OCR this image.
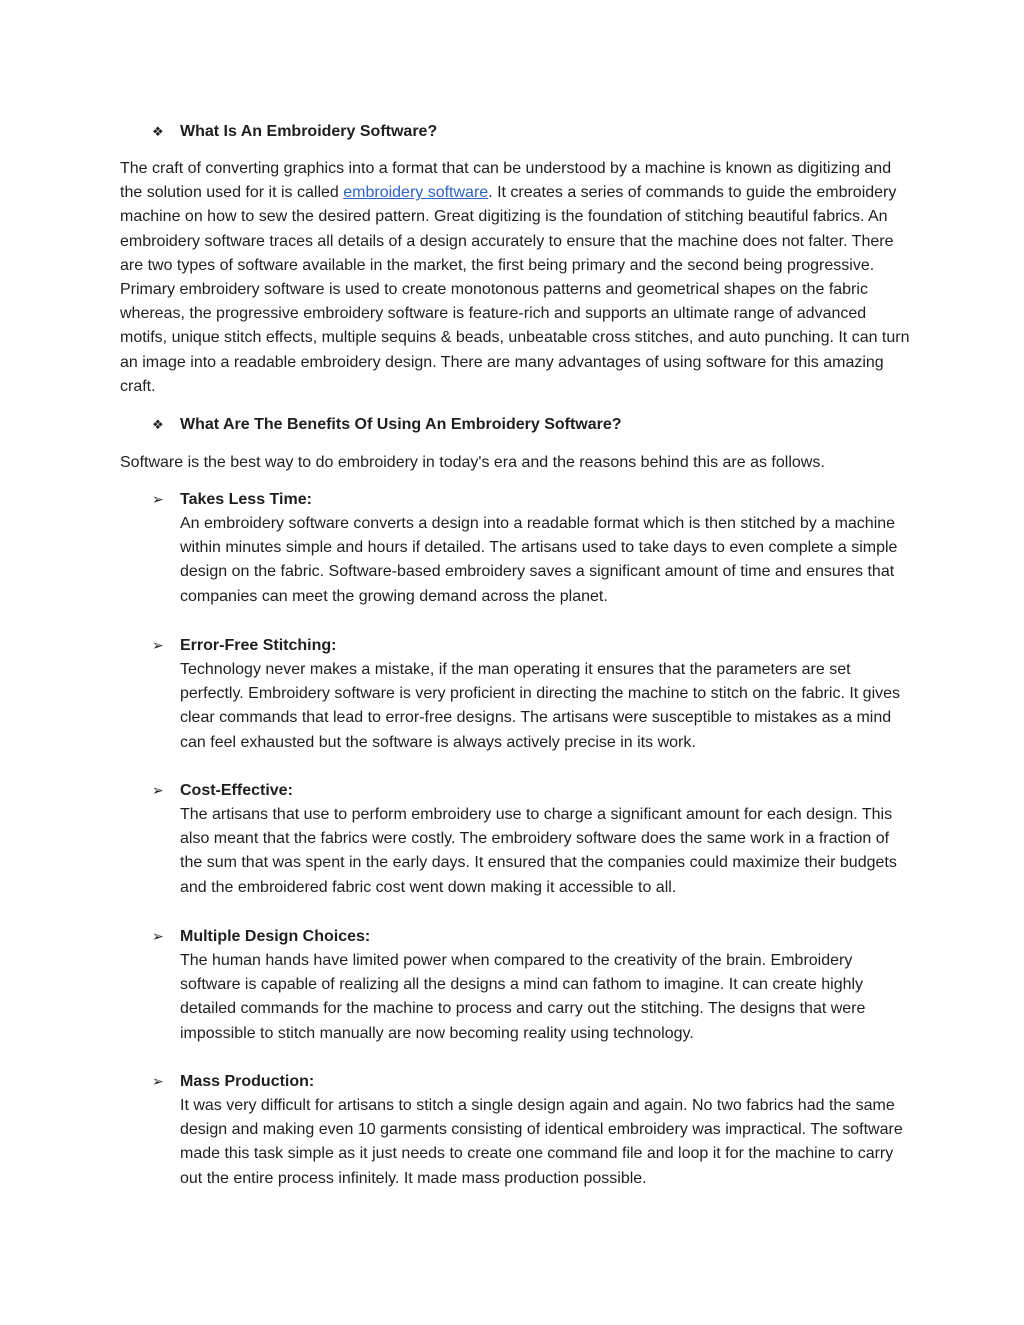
❖	What Is An Embroidery Software?

The craft of converting graphics into a format that can be understood by a machine is known as digitizing and the solution used for it is called embroidery software. It creates a series of commands to guide the embroidery machine on how to sew the desired pattern. Great digitizing is the foundation of stitching beautiful fabrics. An embroidery software traces all details of a design accurately to ensure that the machine does not falter. There are two types of software available in the market, the first being primary and the second being progressive. Primary embroidery software is used to create monotonous patterns and geometrical shapes on the fabric whereas, the progressive embroidery software is feature-rich and supports an ultimate range of advanced motifs, unique stitch effects, multiple sequins & beads, unbeatable cross stitches, and auto punching. It can turn an image into a readable embroidery design. There are many advantages of using software for this amazing craft.

❖	What Are The Benefits Of Using An Embroidery Software?

Software is the best way to do embroidery in today's era and the reasons behind this are as follows.

➢	Takes Less Time:

An embroidery software converts a design into a readable format which is then stitched by a machine within minutes simple and hours if detailed. The artisans used to take days to even complete a simple design on the fabric. Software-based embroidery saves a significant amount of time and ensures that companies can meet the growing demand across the planet.

➢	Error-Free Stitching:

Technology never makes a mistake, if the man operating it ensures that the parameters are set perfectly. Embroidery software is very proficient in directing the machine to stitch on the fabric. It gives clear commands that lead to error-free designs. The artisans were susceptible to mistakes as a mind can feel exhausted but the software is always actively precise in its work.

➢	Cost-Effective:

The artisans that use to perform embroidery use to charge a significant amount for each design. This also meant that the fabrics were costly. The embroidery software does the same work in a fraction of the sum that was spent in the early days. It ensured that the companies could maximize their budgets and the embroidered fabric cost went down making it accessible to all.

➢	Multiple Design Choices:

The human hands have limited power when compared to the creativity of the brain. Embroidery software is capable of realizing all the designs a mind can fathom to imagine. It can create highly detailed commands for the machine to process and carry out the stitching. The designs that were impossible to stitch manually are now becoming reality using technology.

➢	Mass Production:

It was very difficult for artisans to stitch a single design again and again. No two fabrics had the same design and making even 10 garments consisting of identical embroidery was impractical. The software made this task simple as it just needs to create one command file and loop it for the machine to carry out the entire process infinitely. It made mass production possible.
